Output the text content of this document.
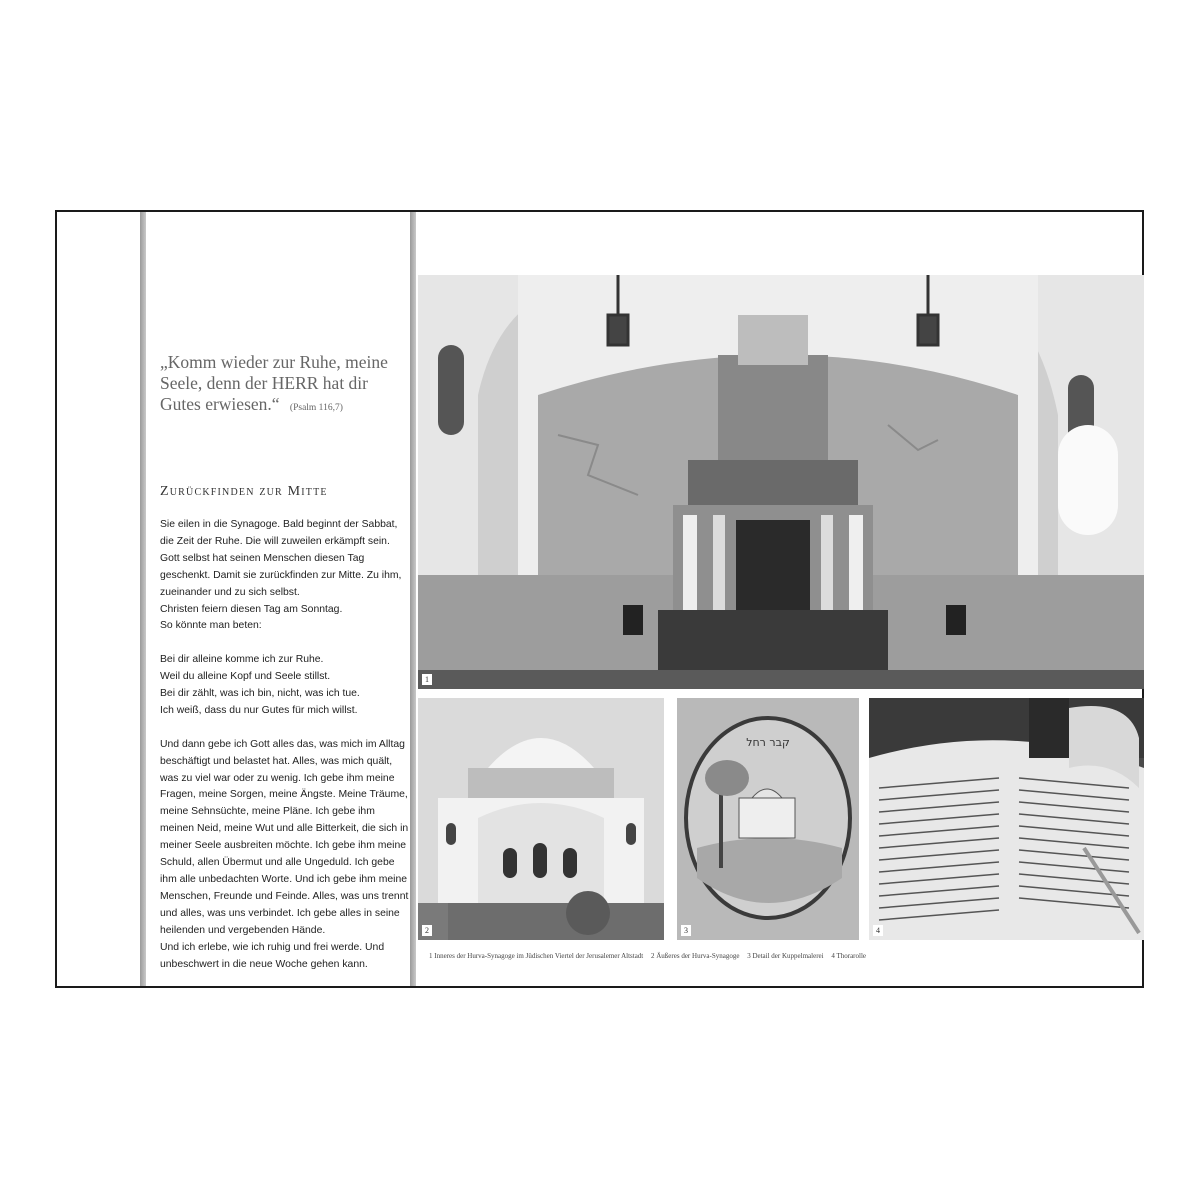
„Komm wieder zur Ruhe, meine Seele, denn der HERR hat dir Gutes erwiesen.“ (Psalm 116,7)
Zurückfinden zur Mitte

Sie eilen in die Synagoge. Bald beginnt der Sabbat, die Zeit der Ruhe. Die will zuweilen erkämpft sein. Gott selbst hat seinen Menschen diesen Tag geschenkt. Damit sie zurückfinden zur Mitte. Zu ihm, zueinander und zu sich selbst.

Christen feiern diesen Tag am Sonntag.

So könnte man beten:

Bei dir alleine komme ich zur Ruhe.

Weil du alleine Kopf und Seele stillst.

Bei dir zählt, was ich bin, nicht, was ich tue.

Ich weiß, dass du nur Gutes für mich willst.

Und dann gebe ich Gott alles das, was mich im Alltag beschäftigt und belastet hat. Alles, was mich quält, was zu viel war oder zu wenig. Ich gebe ihm meine Fragen, meine Sorgen, meine Ängste. Meine Träume, meine Sehnsüchte, meine Pläne. Ich gebe ihm meinen Neid, meine Wut und alle Bitterkeit, die sich in meiner Seele ausbreiten möchte. Ich gebe ihm meine Schuld, allen Übermut und alle Ungeduld. Ich gebe ihm alle unbedachten Worte. Und ich gebe ihm meine Menschen, Freunde und Feinde. Alles, was uns trennt und alles, was uns verbindet. Ich gebe alles in seine heilenden und vergebenden Hände.

Und ich erlebe, wie ich ruhig und frei werde. Und unbeschwert in die neue Woche gehen kann.

1
2
קבר רחל
3	4
1 Inneres der Hurva-Synagoge im Jüdischen Viertel der Jerusalemer Altstadt 2 Äußeres der Hurva-Synagoge 3 Detail der Kuppelmalerei 4 Thorarolle
